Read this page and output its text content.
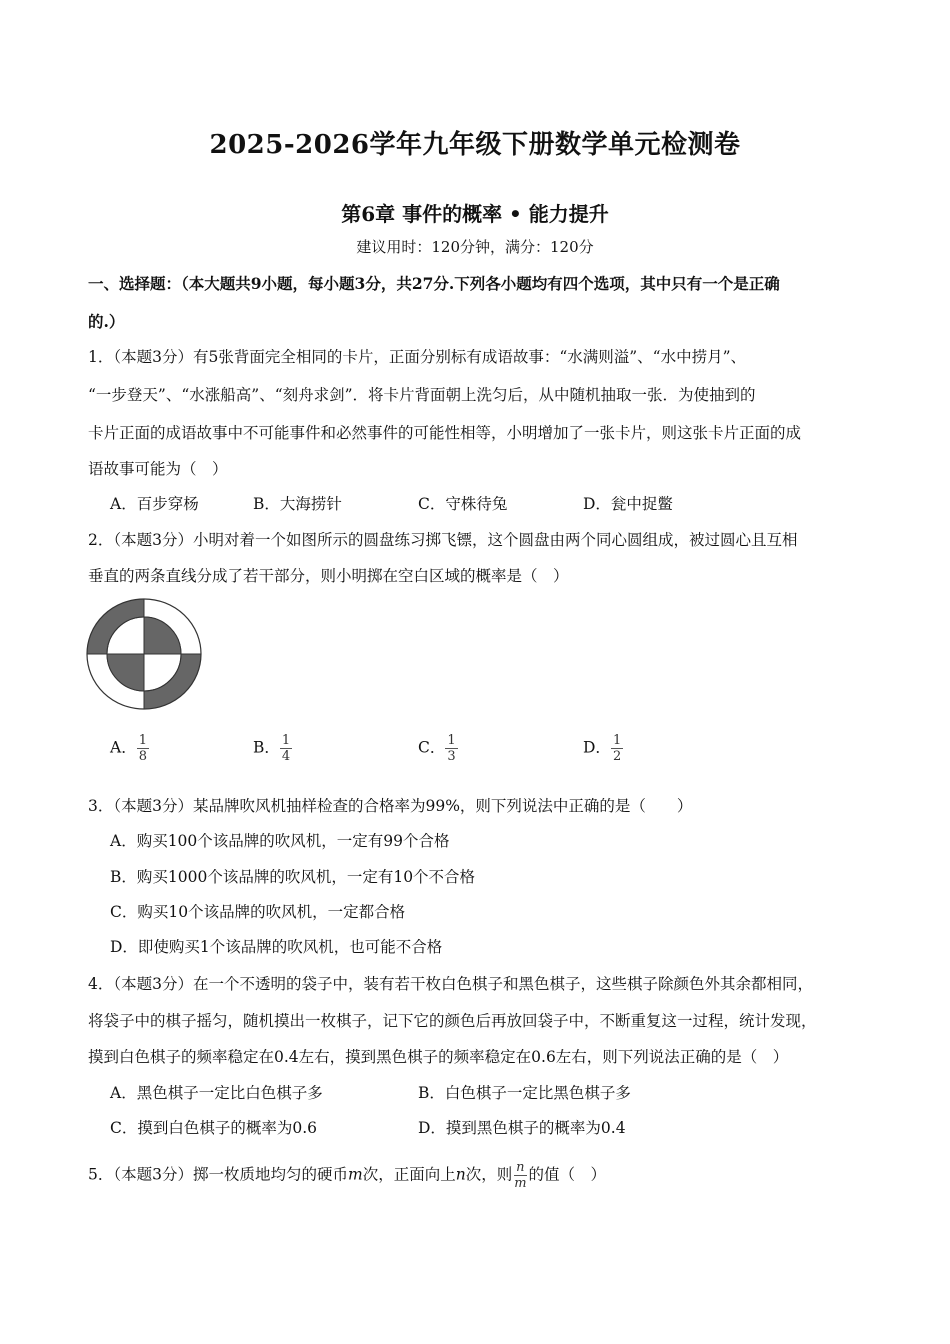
2025-2026学年九年级下册数学单元检测卷
第6章 事件的概率 • 能力提升
建议用时：120分钟，满分：120分
一、选择题：（本大题共9小题，每小题3分，共27分.下列各小题均有四个选项，其中只有一个是正确
的.）
1．（本题3分）有5张背面完全相同的卡片，正面分别标有成语故事：“水满则溢”、“水中捞月”、
“一步登天”、“水涨船高”、“刻舟求剑”．将卡片背面朝上洗匀后，从中随机抽取一张．为使抽到的
卡片正面的成语故事中不可能事件和必然事件的可能性相等，小明增加了一张卡片，则这张卡片正面的成
语故事可能为（　）
A．百步穿杨	B．大海捞针	C．守株待兔	D．瓮中捉鳖
2．（本题3分）小明对着一个如图所示的圆盘练习掷飞镖，这个圆盘由两个同心圆组成，被过圆心且互相
垂直的两条直线分成了若干部分，则小明掷在空白区域的概率是（　）
A． $\frac{1}{8}$	B． $\frac{1}{4}$	C． $\frac{1}{3}$	D． $\frac{1}{2}$
3．（本题3分）某品牌吹风机抽样检查的合格率为99%，则下列说法中正确的是（　　）
A．购买100个该品牌的吹风机，一定有99个合格
B．购买1000个该品牌的吹风机，一定有10个不合格
C．购买10个该品牌的吹风机，一定都合格
D．即使购买1个该品牌的吹风机，也可能不合格
4．（本题3分）在一个不透明的袋子中，装有若干枚白色棋子和黑色棋子，这些棋子除颜色外其余都相同，
将袋子中的棋子摇匀，随机摸出一枚棋子，记下它的颜色后再放回袋子中，不断重复这一过程，统计发现，
摸到白色棋子的频率稳定在0.4左右，摸到黑色棋子的频率稳定在0.6左右，则下列说法正确的是（　）
A．黑色棋子一定比白色棋子多	B．白色棋子一定比黑色棋子多
C．摸到白色棋子的概率为0.6	D．摸到黑色棋子的概率为0.4
5．（本题3分）掷一枚质地均匀的硬币m次，正面向上n次，则 $\frac{n}{m}$ 的值（　）
